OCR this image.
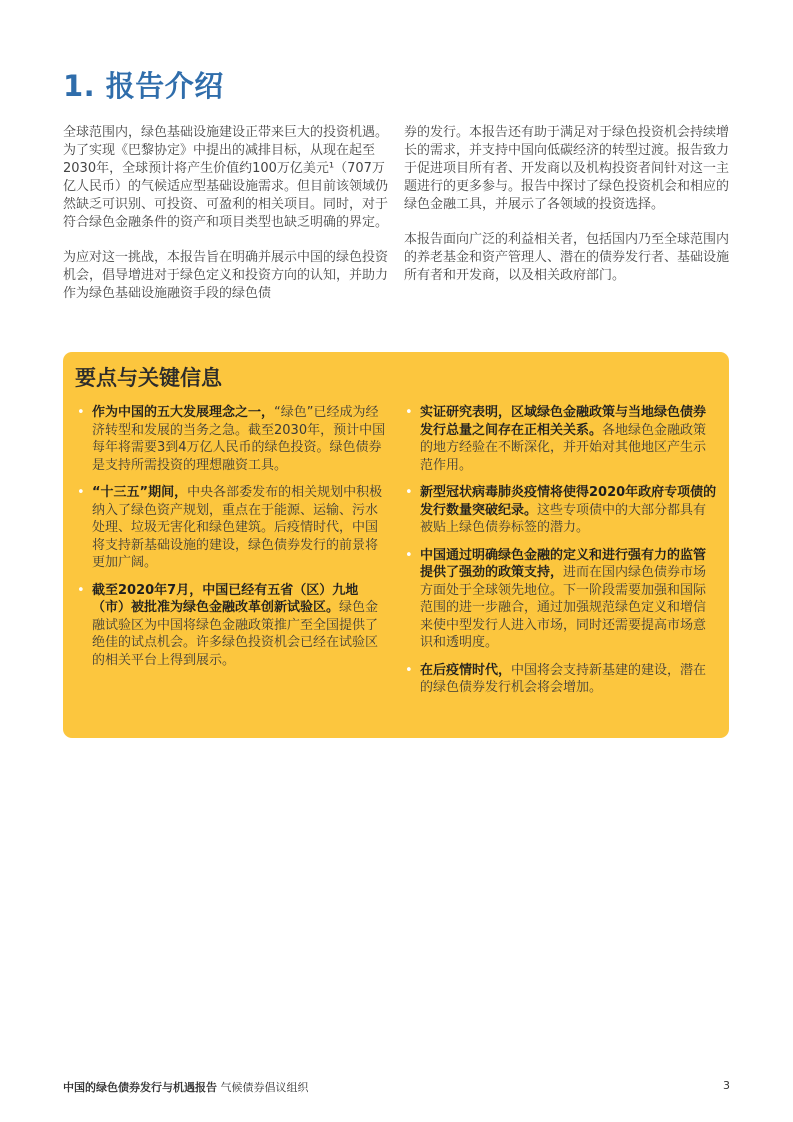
1. 报告介绍

全球范围内，绿色基础设施建设正带来巨大的投资机遇。为了实现《巴黎协定》中提出的减排目标，从现在起至2030年，全球预计将产生价值约100万亿美元¹（707万亿人民币）的气候适应型基础设施需求。但目前该领域仍然缺乏可识别、可投资、可盈利的相关项目。同时，对于符合绿色金融条件的资产和项目类型也缺乏明确的界定。

为应对这一挑战，本报告旨在明确并展示中国的绿色投资机会，倡导增进对于绿色定义和投资方向的认知，并助力作为绿色基础设施融资手段的绿色债

券的发行。本报告还有助于满足对于绿色投资机会持续增长的需求，并支持中国向低碳经济的转型过渡。报告致力于促进项目所有者、开发商以及机构投资者间针对这一主题进行的更多参与。报告中探讨了绿色投资机会和相应的绿色金融工具，并展示了各领域的投资选择。

本报告面向广泛的利益相关者，包括国内乃至全球范围内的养老基金和资产管理人、潜在的债券发行者、基础设施所有者和开发商，以及相关政府部门。

要点与关键信息
• 作为中国的五大发展理念之一，“绿色”已经成为经济转型和发展的当务之急。截至2030年，预计中国每年将需要3到4万亿人民币的绿色投资。绿色债券是支持所需投资的理想融资工具。
• “十三五”期间，中央各部委发布的相关规划中积极纳入了绿色资产规划，重点在于能源、运输、污水处理、垃圾无害化和绿色建筑。后疫情时代，中国将支持新基础设施的建设，绿色债券发行的前景将更加广阔。
• 截至2020年7月，中国已经有五省（区）九地（市）被批准为绿色金融改革创新试验区。绿色金融试验区为中国将绿色金融政策推广至全国提供了绝佳的试点机会。许多绿色投资机会已经在试验区的相关平台上得到展示。
• 实证研究表明，区域绿色金融政策与当地绿色债券发行总量之间存在正相关关系。各地绿色金融政策的地方经验在不断深化，并开始对其他地区产生示范作用。
• 新型冠状病毒肺炎疫情将使得2020年政府专项债的发行数量突破纪录。这些专项债中的大部分都具有被贴上绿色债券标签的潜力。
• 中国通过明确绿色金融的定义和进行强有力的监管提供了强劲的政策支持，进而在国内绿色债券市场方面处于全球领先地位。下一阶段需要加强和国际范围的进一步融合，通过加强规范绿色定义和增信来使中型发行人进入市场，同时还需要提高市场意识和透明度。
• 在后疫情时代，中国将会支持新基建的建设，潜在的绿色债券发行机会将会增加。
中国的绿色债券发行与机遇报告 气候债券倡议组织	3
